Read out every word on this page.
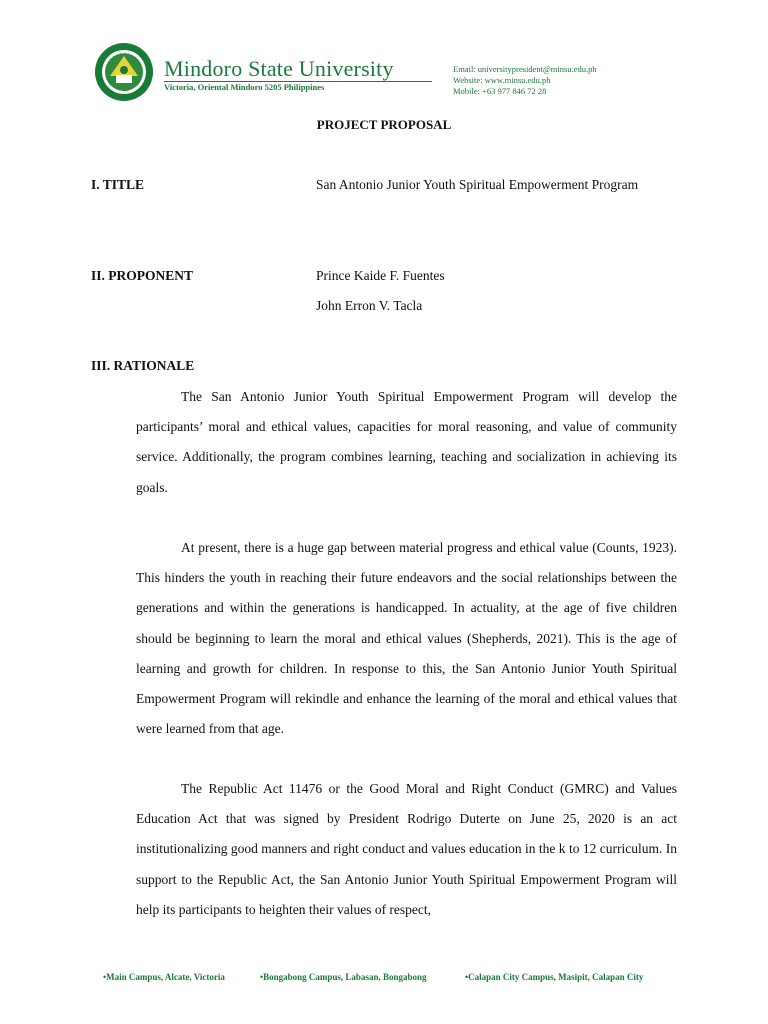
Mindoro State University
Victoria, Oriental Mindoro 5205 Philippines
Email: universitypresident@minsu.edu.ph
Website: www.minsu.edu.ph
Mobile: +63 977 846 72 28
PROJECT PROPOSAL
I. TITLE	San Antonio Junior Youth Spiritual Empowerment Program
II. PROPONENT	Prince Kaide F. Fuentes
John Erron V. Tacla
III. RATIONALE

The San Antonio Junior Youth Spiritual Empowerment Program will develop the participants’ moral and ethical values, capacities for moral reasoning, and value of community service. Additionally, the program combines learning, teaching and socialization in achieving its goals.

At present, there is a huge gap between material progress and ethical value (Counts, 1923). This hinders the youth in reaching their future endeavors and the social relationships between the generations and within the generations is handicapped. In actuality, at the age of five children should be beginning to learn the moral and ethical values (Shepherds, 2021). This is the age of learning and growth for children. In response to this, the San Antonio Junior Youth Spiritual Empowerment Program will rekindle and enhance the learning of the moral and ethical values that were learned from that age.

The Republic Act 11476 or the Good Moral and Right Conduct (GMRC) and Values Education Act that was signed by President Rodrigo Duterte on June 25, 2020 is an act institutionalizing good manners and right conduct and values education in the k to 12 curriculum. In support to the Republic Act, the San Antonio Junior Youth Spiritual Empowerment Program will help its participants to heighten their values of respect,

•Main Campus, Alcate, Victoria	•Bongabong Campus, Labasan, Bongabong	•Calapan City Campus, Masipit, Calapan City
